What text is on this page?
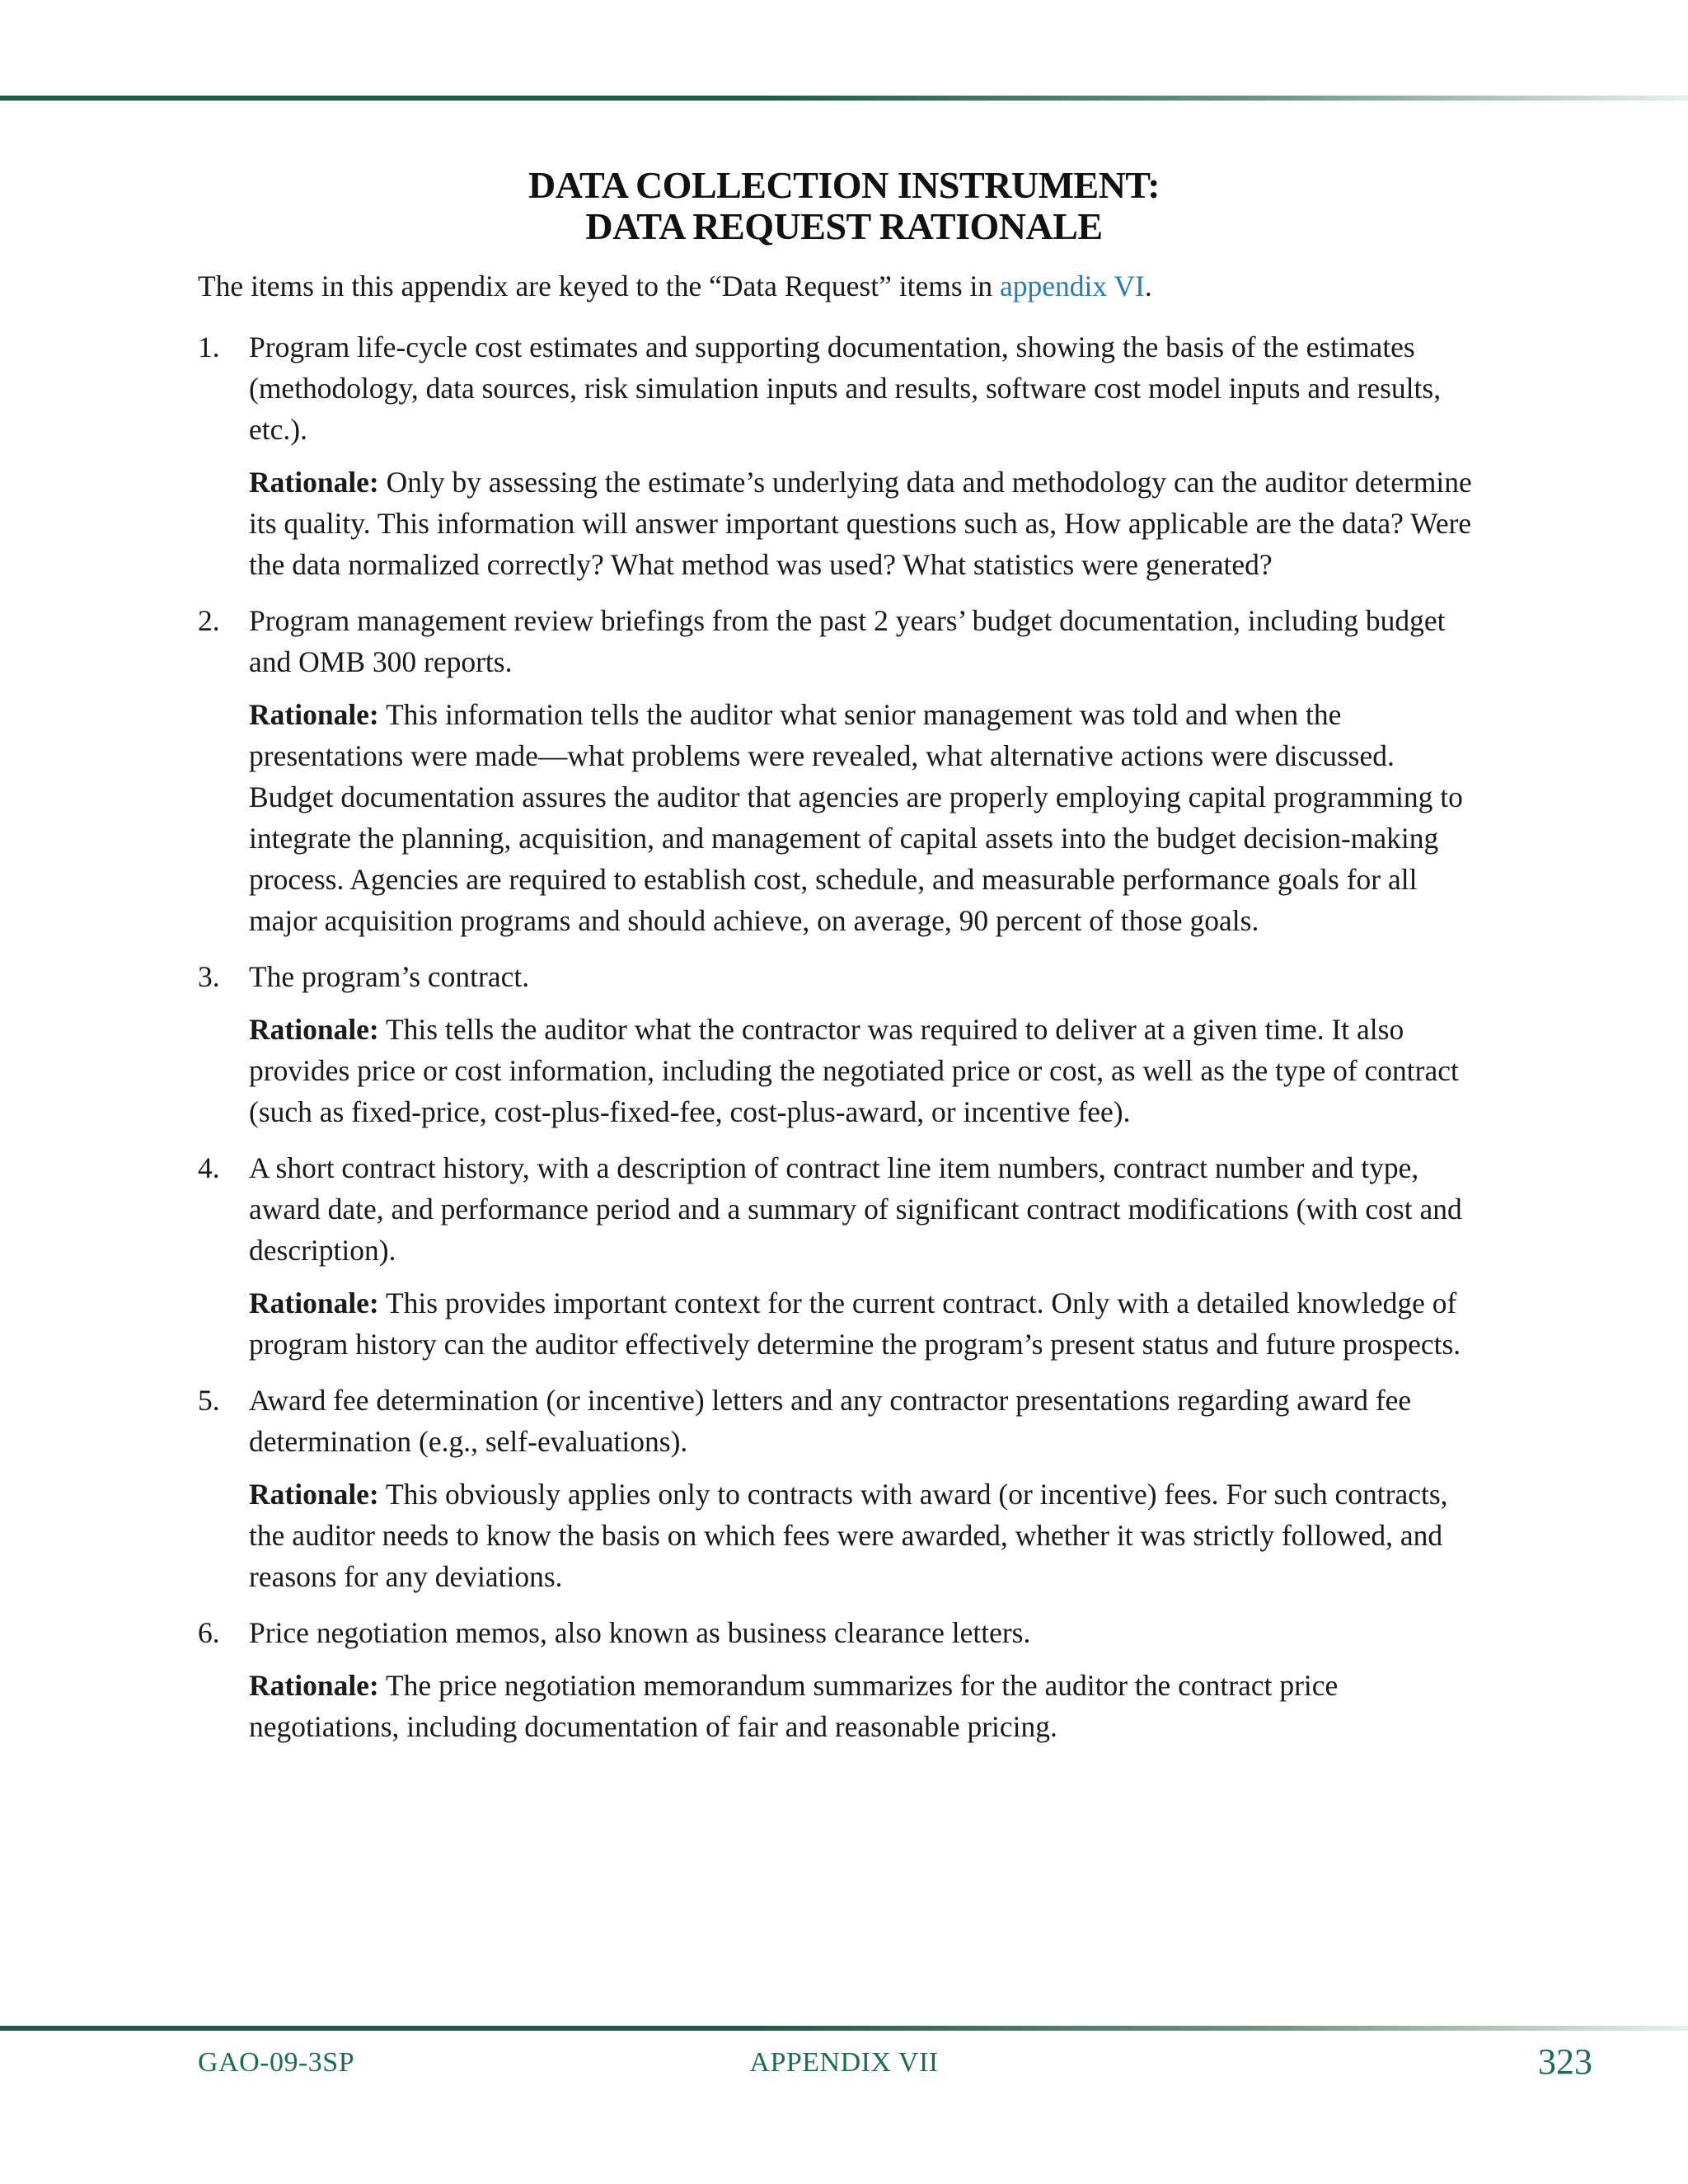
DATA COLLECTION INSTRUMENT:
DATA REQUEST RATIONALE

The items in this appendix are keyed to the “Data Request” items in appendix VI.

1. Program life-cycle cost estimates and supporting documentation, showing the basis of the estimates (methodology, data sources, risk simulation inputs and results, software cost model inputs and results, etc.).

Rationale: Only by assessing the estimate’s underlying data and methodology can the auditor determine its quality. This information will answer important questions such as, How applicable are the data? Were the data normalized correctly? What method was used? What statistics were generated?

2. Program management review briefings from the past 2 years’ budget documentation, including budget and OMB 300 reports.

Rationale: This information tells the auditor what senior management was told and when the presentations were made—what problems were revealed, what alternative actions were discussed. Budget documentation assures the auditor that agencies are properly employing capital programming to integrate the planning, acquisition, and management of capital assets into the budget decision-making process. Agencies are required to establish cost, schedule, and measurable performance goals for all major acquisition programs and should achieve, on average, 90 percent of those goals.

3. The program’s contract.

Rationale: This tells the auditor what the contractor was required to deliver at a given time. It also provides price or cost information, including the negotiated price or cost, as well as the type of contract (such as fixed-price, cost-plus-fixed-fee, cost-plus-award, or incentive fee).

4. A short contract history, with a description of contract line item numbers, contract number and type, award date, and performance period and a summary of significant contract modifications (with cost and description).

Rationale: This provides important context for the current contract. Only with a detailed knowledge of program history can the auditor effectively determine the program’s present status and future prospects.

5. Award fee determination (or incentive) letters and any contractor presentations regarding award fee determination (e.g., self-evaluations).

Rationale: This obviously applies only to contracts with award (or incentive) fees. For such contracts, the auditor needs to know the basis on which fees were awarded, whether it was strictly followed, and reasons for any deviations.

6. Price negotiation memos, also known as business clearance letters.

Rationale: The price negotiation memorandum summarizes for the auditor the contract price negotiations, including documentation of fair and reasonable pricing.

GAO-09-3SP	APPENDIX VII	323
